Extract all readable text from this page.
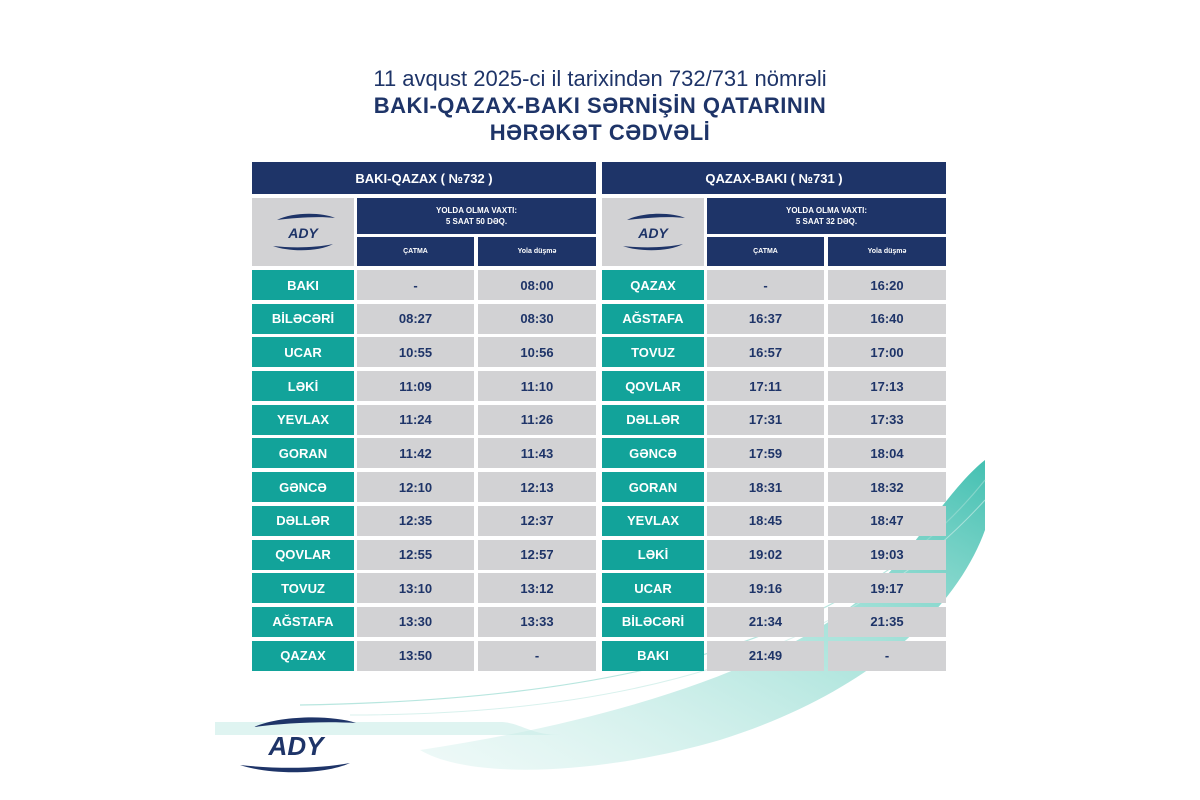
11 avqust 2025-ci il tarixindən 732/731 nömrəli
BAKI-QAZAX-BAKI SƏRNİŞİN QATARININ
HƏRƏKƏT CƏDVƏLİ
BAKI-QAZAX ( №732 )
ADY
YOLDA OLMA VAXTI:
5 SAAT 50 DƏQ.
ÇATMA	Yola düşmə
BAKI	-	08:00
BİLƏCƏRİ	08:27	08:30
UCAR	10:55	10:56
LƏKİ	11:09	11:10
YEVLAX	11:24	11:26
GORAN	11:42	11:43
GƏNCƏ	12:10	12:13
DƏLLƏR	12:35	12:37
QOVLAR	12:55	12:57
TOVUZ	13:10	13:12
AĞSTAFA	13:30	13:33
QAZAX	13:50	-
QAZAX-BAKI ( №731 )
ADY
YOLDA OLMA VAXTI:
5 SAAT 32 DƏQ.
ÇATMA	Yola düşmə
QAZAX	-	16:20
AĞSTAFA	16:37	16:40
TOVUZ	16:57	17:00
QOVLAR	17:11	17:13
DƏLLƏR	17:31	17:33
GƏNCƏ	17:59	18:04
GORAN	18:31	18:32
YEVLAX	18:45	18:47
LƏKİ	19:02	19:03
UCAR	19:16	19:17
BİLƏCƏRİ	21:34	21:35
BAKI	21:49	-
ADY
